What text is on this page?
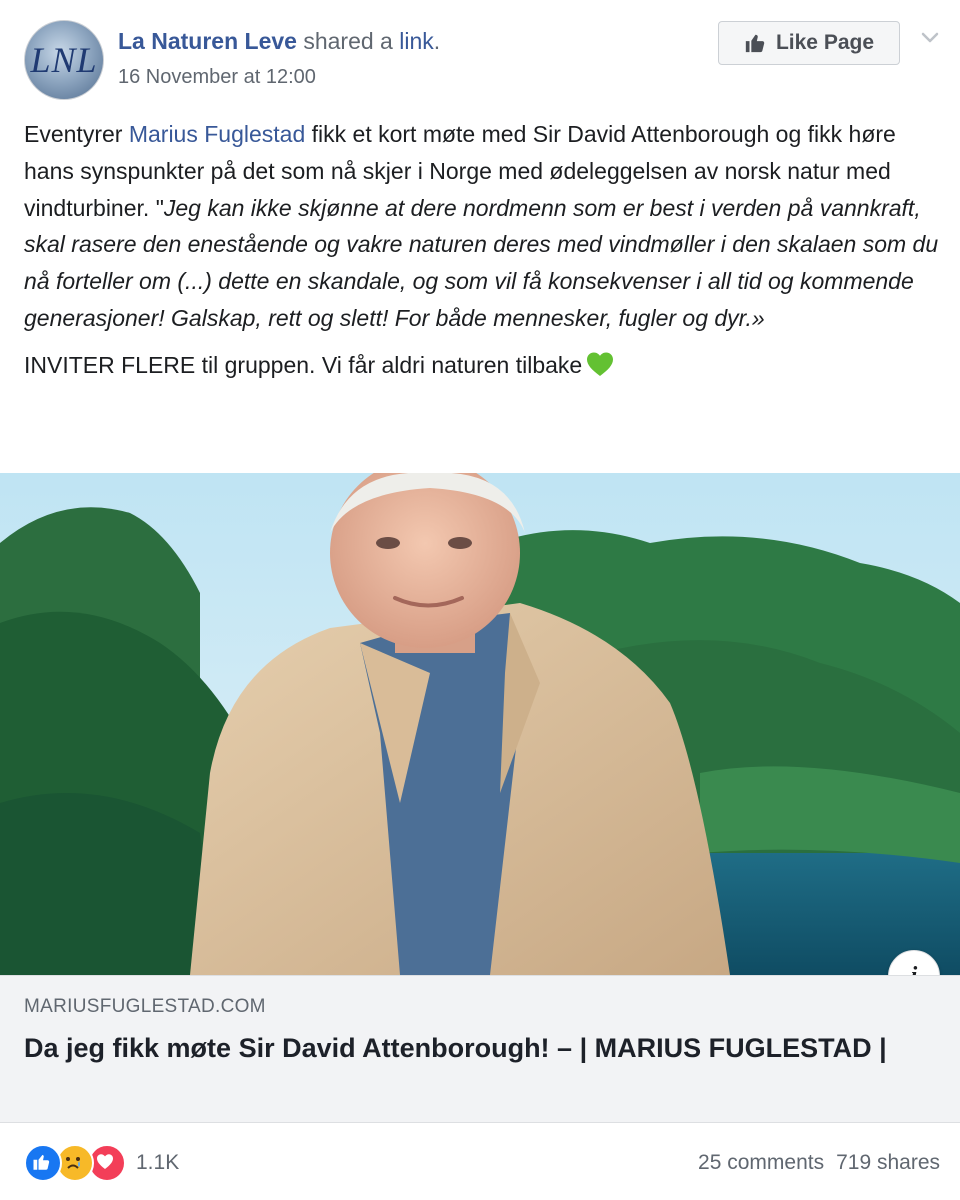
LNL La Naturen Leve shared a link.
16 November at 12:00
Like Page

Eventyrer Marius Fuglestad fikk et kort møte med Sir David Attenborough og fikk høre hans synspunkter på det som nå skjer i Norge med ødeleggelsen av norsk natur med vindturbiner. "Jeg kan ikke skjønne at dere nordmenn som er best i verden på vannkraft, skal rasere den enestående og vakre naturen deres med vindmøller i den skalaen som du nå forteller om (...) dette en skandale, og som vil få konsekvenser i all tid og kommende generasjoner! Galskap, rett og slett! For både mennesker, fugler og dyr.»

INVITER FLERE til gruppen. Vi får aldri naturen tilbake

MARIUSFUGLESTAD.COM
Da jeg fikk møte Sir David Attenborough! – | MARIUS FUGLESTAD |
1.1K	25 comments 719 shares
